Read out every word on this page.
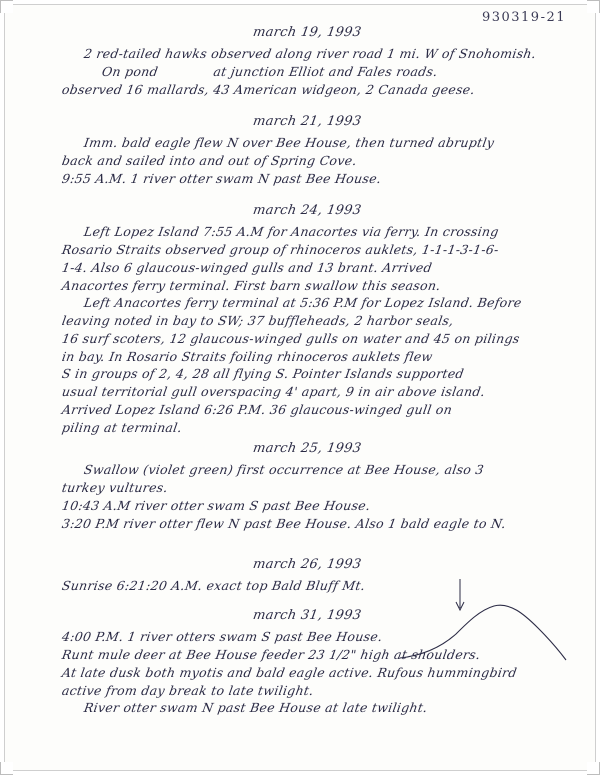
930319-21
march 19, 1993
2 red-tailed hawks observed along river road 1 mi. W of Snohomish.
On pond             at junction Elliot and Fales roads.
observed 16 mallards, 43 American widgeon, 2 Canada geese.
march 21, 1993
Imm. bald eagle flew N over Bee House, then turned abruptly
back and sailed into and out of Spring Cove.
9:55 A.M. 1 river otter swam N past Bee House.
march 24, 1993
Left Lopez Island 7:55 A.M for Anacortes via ferry. In crossing
Rosario Straits observed group of rhinoceros auklets, 1-1-1-3-1-6-
1-4. Also 6 glaucous-winged gulls and 13 brant. Arrived
Anacortes ferry terminal. First barn swallow this season.
Left Anacortes ferry terminal at 5:36 P.M for Lopez Island. Before
leaving noted in bay to SW; 37 buffleheads, 2 harbor seals,
16 surf scoters, 12 glaucous-winged gulls on water and 45 on pilings
in bay. In Rosario Straits foiling rhinoceros auklets flew
S in groups of 2, 4, 28 all flying S. Pointer Islands supported
usual territorial gull overspacing 4' apart, 9 in air above island.
Arrived Lopez Island 6:26 P.M. 36 glaucous-winged gull on
piling at terminal.
march 25, 1993
Swallow (violet green) first occurrence at Bee House, also 3
turkey vultures.
10:43 A.M river otter swam S past Bee House.
3:20 P.M river otter flew N past Bee House. Also 1 bald eagle to N.
march 26, 1993
Sunrise 6:21:20 A.M. exact top Bald Bluff Mt.
march 31, 1993
4:00 P.M. 1 river otters swam S past Bee House.
Runt mule deer at Bee House feeder 23 1/2" high at shoulders.
At late dusk both myotis and bald eagle active. Rufous hummingbird
active from day break to late twilight.
River otter swam N past Bee House at late twilight.
